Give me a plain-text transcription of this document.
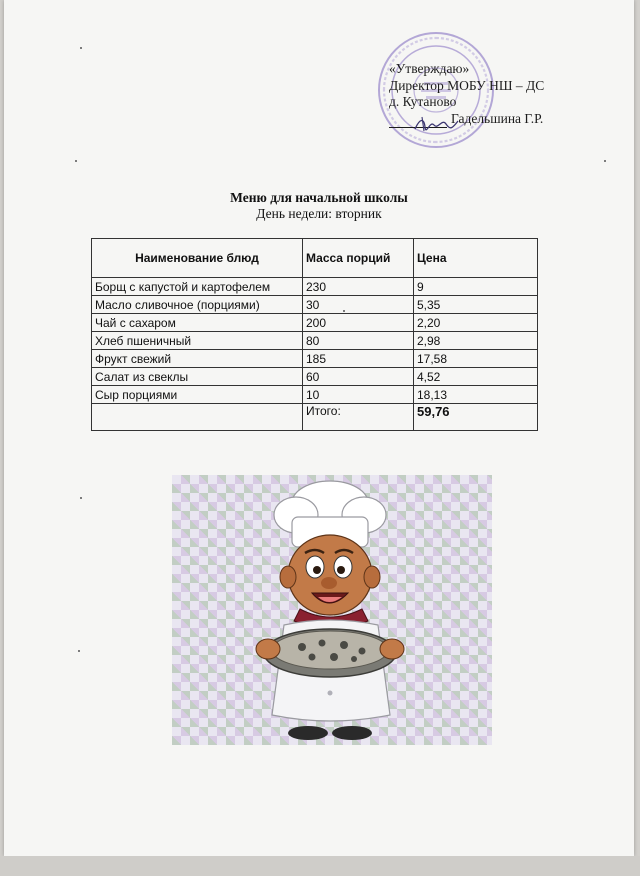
«Утверждаю»
Директор МОБУ НШ – ДС
д. Кутаново
Гадельшина Г.Р.
Меню для начальной школы
День недели: вторник
Наименование блюд	Масса порций	Цена
Борщ с капустой и картофелем	230	9
Масло сливочное (порциями)	30	5,35
Чай с сахаром	200	2,20
Хлеб пшеничный	80	2,98
Фрукт свежий	185	17,58
Салат из свеклы	60	4,52
Сыр порциями	10	18,13
	Итого:	59,76
